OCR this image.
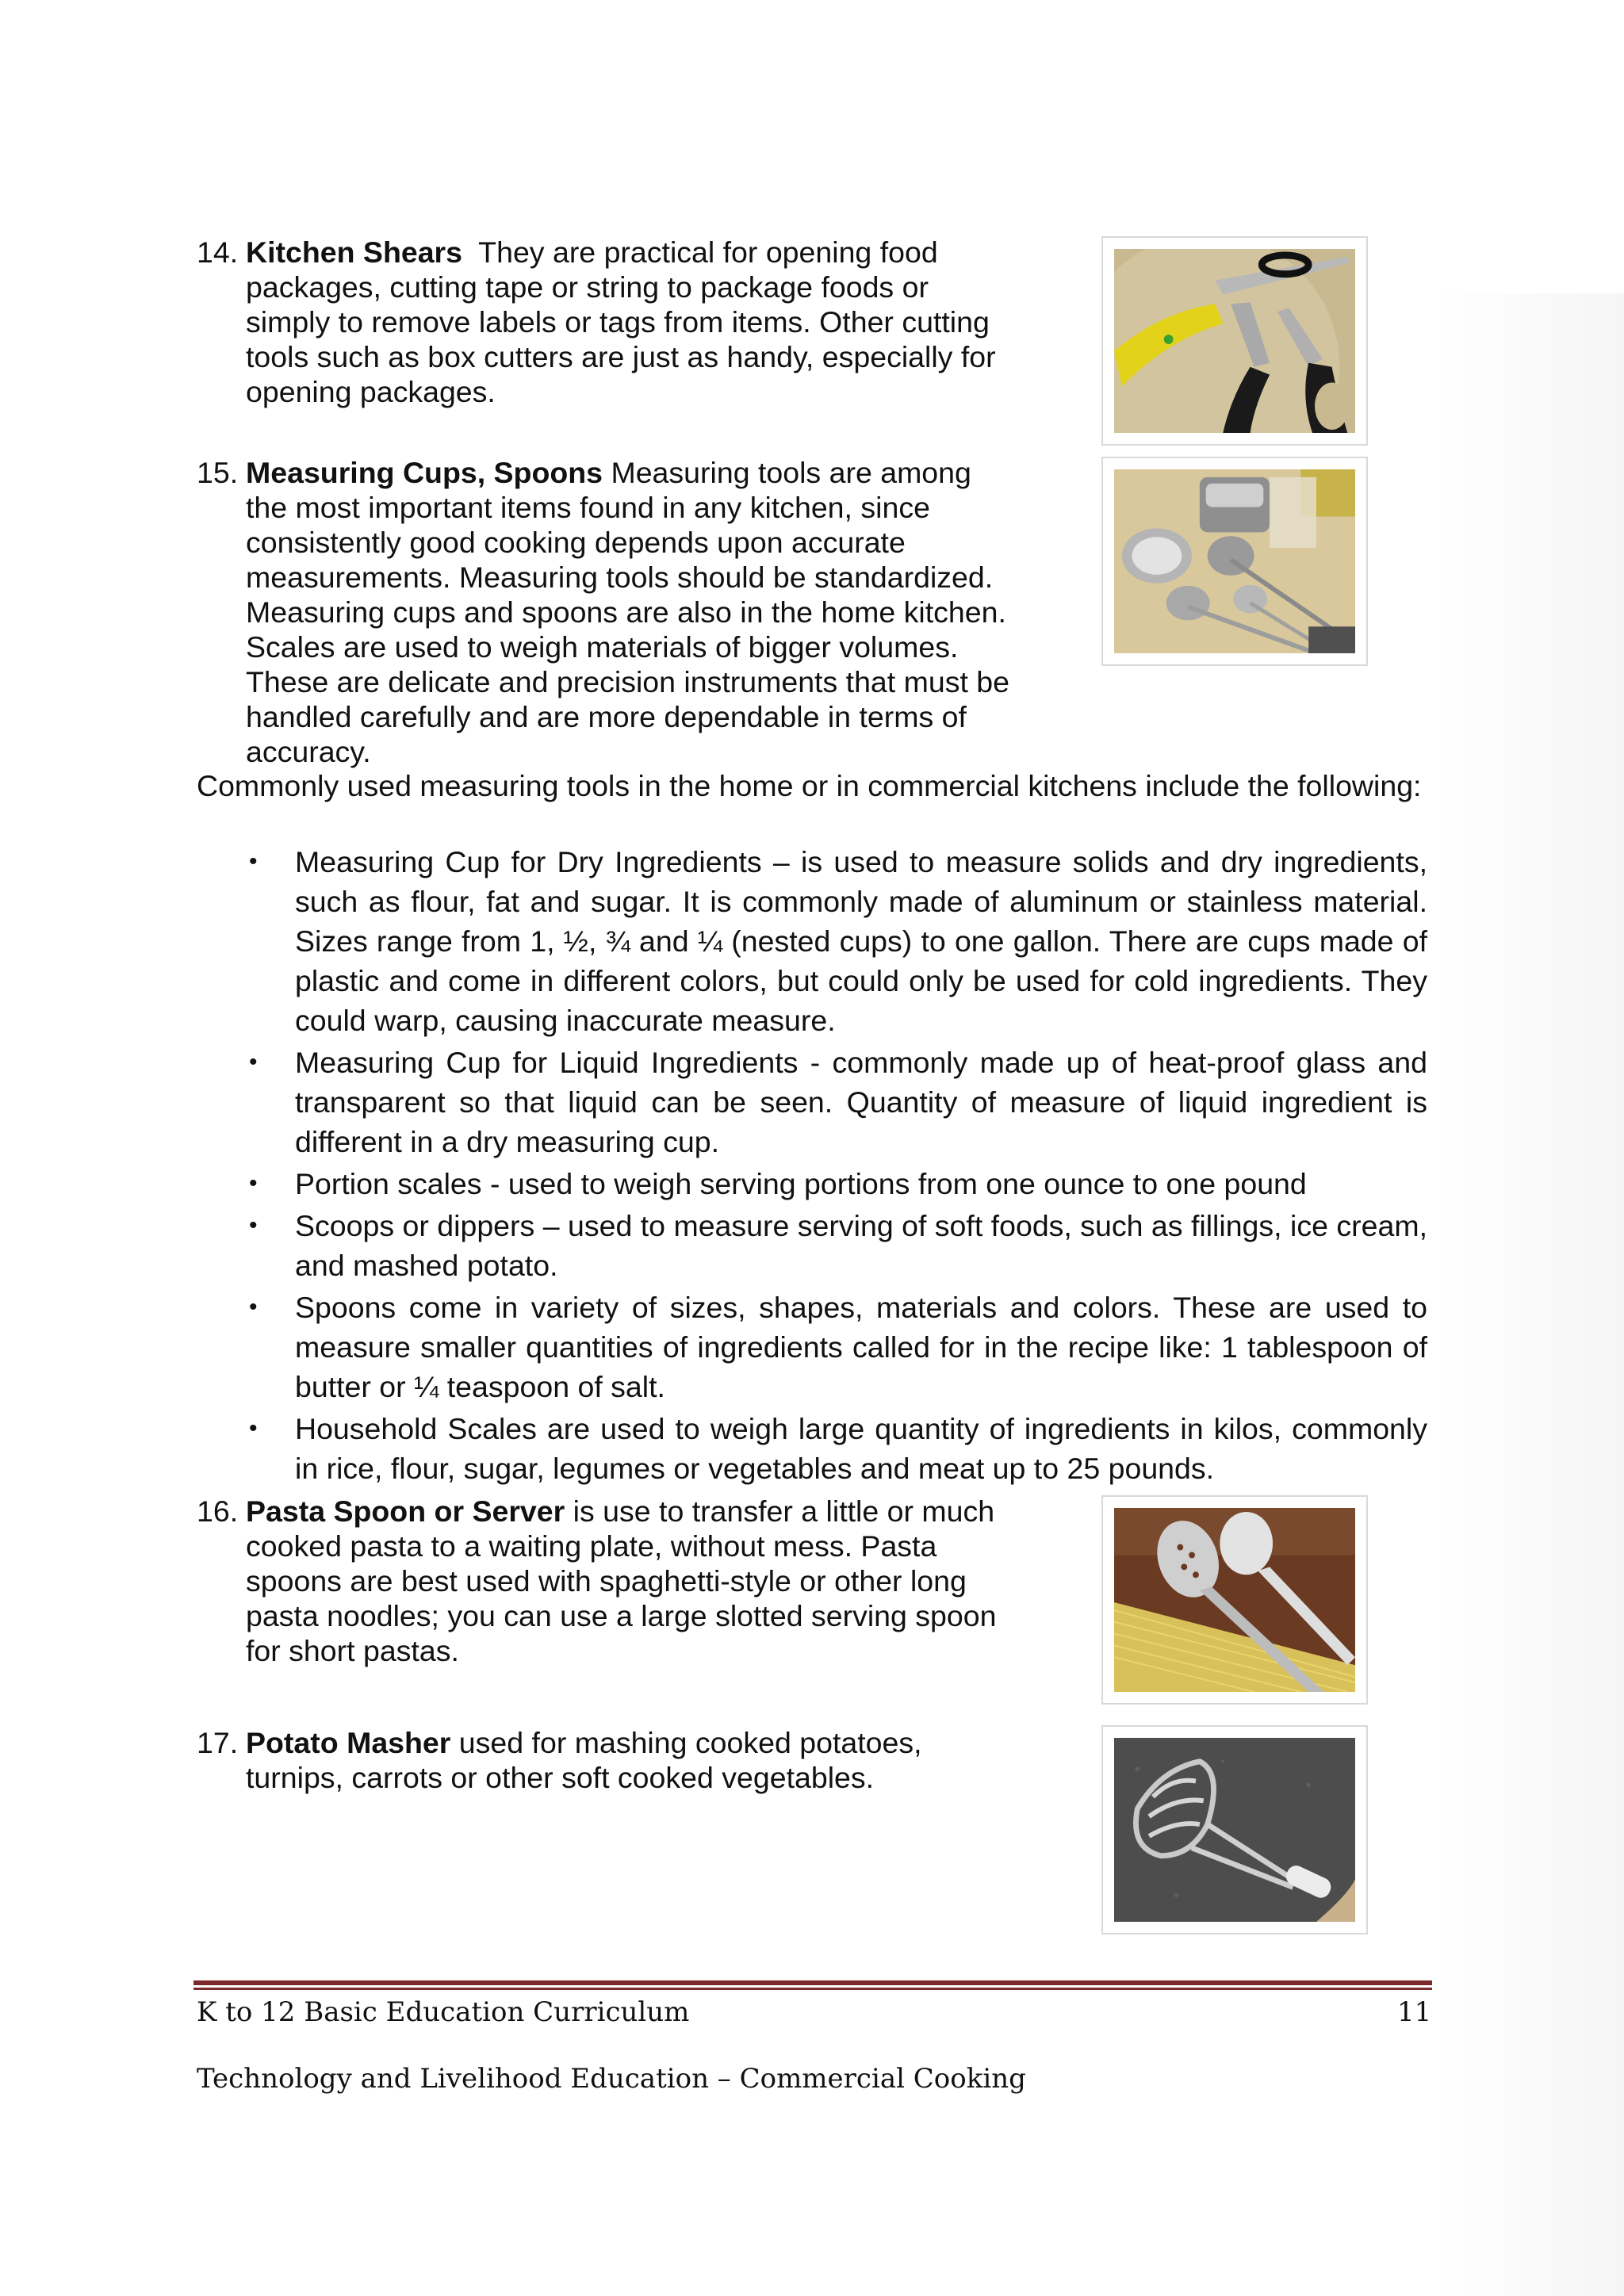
14. Kitchen Shears  They are practical for opening food
packages, cutting tape or string to package foods or
simply to remove labels or tags from items. Other cutting
tools such as box cutters are just as handy, especially for
opening packages.
15. Measuring Cups, Spoons Measuring tools are among
the most important items found in any kitchen, since
consistently good cooking depends upon accurate
measurements. Measuring tools should be standardized.
Measuring cups and spoons are also in the home kitchen.
Scales are used to weigh materials of bigger volumes.
These are delicate and precision instruments that must be
handled carefully and are more dependable in terms of
accuracy.
Commonly used measuring tools in the home or in commercial kitchens include the following:
• Measuring Cup for Dry Ingredients – is used to measure solids and dry ingredients, such as flour, fat and sugar. It is commonly made of aluminum or stainless material. Sizes range from 1, ½, ¾ and ¼ (nested cups) to one gallon. There are cups made of plastic and come in different colors, but could only be used for cold ingredients. They could warp, causing inaccurate measure.
• Measuring Cup for Liquid Ingredients - commonly made up of heat-proof glass and transparent so that liquid can be seen. Quantity of measure of liquid ingredient is different in a dry measuring cup.
• Portion scales - used to weigh serving portions from one ounce to one pound
• Scoops or dippers – used to measure serving of soft foods, such as fillings, ice cream, and mashed potato.
• Spoons come in variety of sizes, shapes, materials and colors. These are used to measure smaller quantities of ingredients called for in the recipe like: 1 tablespoon of butter or ¼ teaspoon of salt.
• Household Scales are used to weigh large quantity of ingredients in kilos, commonly in rice, flour, sugar, legumes or vegetables and meat up to 25 pounds.
16. Pasta Spoon or Server is use to transfer a little or much
cooked pasta to a waiting plate, without mess. Pasta
spoons are best used with spaghetti-style or other long
pasta noodles; you can use a large slotted serving spoon
for short pastas.
17. Potato Masher used for mashing cooked potatoes,
turnips, carrots or other soft cooked vegetables.
K to 12 Basic Education Curriculum	11
Technology and Livelihood Education – Commercial Cooking
